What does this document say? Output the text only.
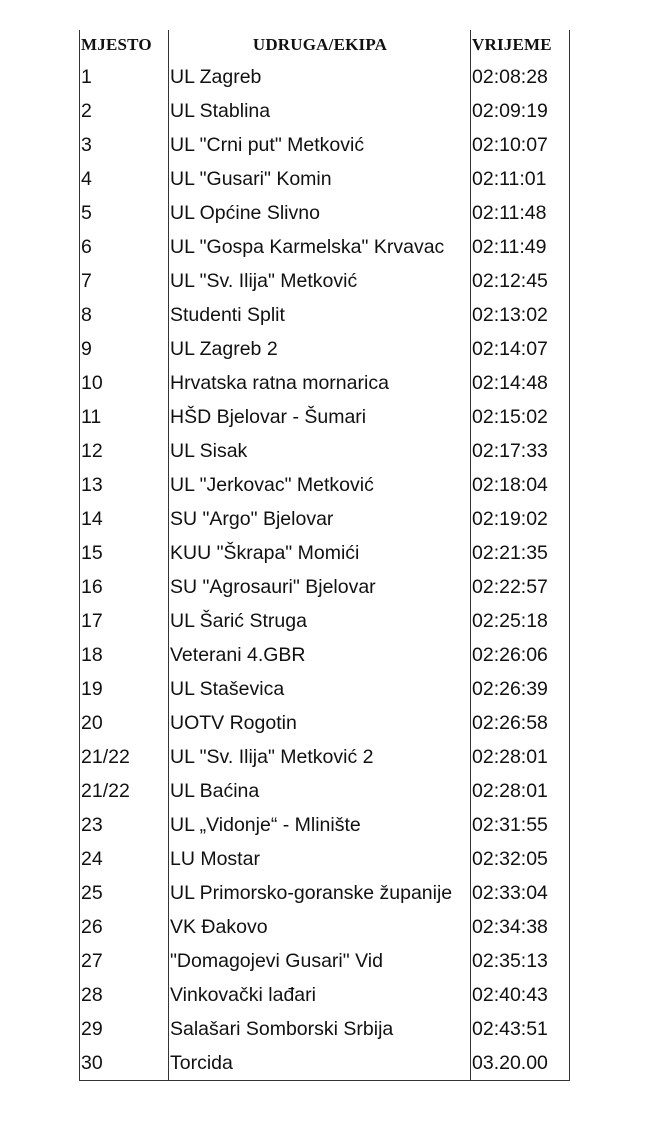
MJESTO	UDRUGA/EKIPA	VRIJEME
1	UL Zagreb	02:08:28
2	UL Stablina	02:09:19
3	UL "Crni put" Metković	02:10:07
4	UL "Gusari" Komin	02:11:01
5	UL Općine Slivno	02:11:48
6	UL "Gospa Karmelska" Krvavac	02:11:49
7	UL "Sv. Ilija" Metković	02:12:45
8	Studenti Split	02:13:02
9	UL Zagreb 2	02:14:07
10	Hrvatska ratna mornarica	02:14:48
11	HŠD Bjelovar - Šumari	02:15:02
12	UL Sisak	02:17:33
13	UL "Jerkovac" Metković	02:18:04
14	SU "Argo" Bjelovar	02:19:02
15	KUU "Škrapa" Momići	02:21:35
16	SU "Agrosauri" Bjelovar	02:22:57
17	UL Šarić Struga	02:25:18
18	Veterani 4.GBR	02:26:06
19	UL Staševica	02:26:39
20	UOTV Rogotin	02:26:58
21/22	UL "Sv. Ilija" Metković 2	02:28:01
21/22	UL Baćina	02:28:01
23	UL „Vidonje“ - Mlinište	02:31:55
24	LU Mostar	02:32:05
25	UL Primorsko-goranske županije	02:33:04
26	VK Đakovo	02:34:38
27	"Domagojevi Gusari" Vid	02:35:13
28	Vinkovački lađari	02:40:43
29	Salašari Somborski Srbija	02:43:51
30	Torcida	03.20.00
